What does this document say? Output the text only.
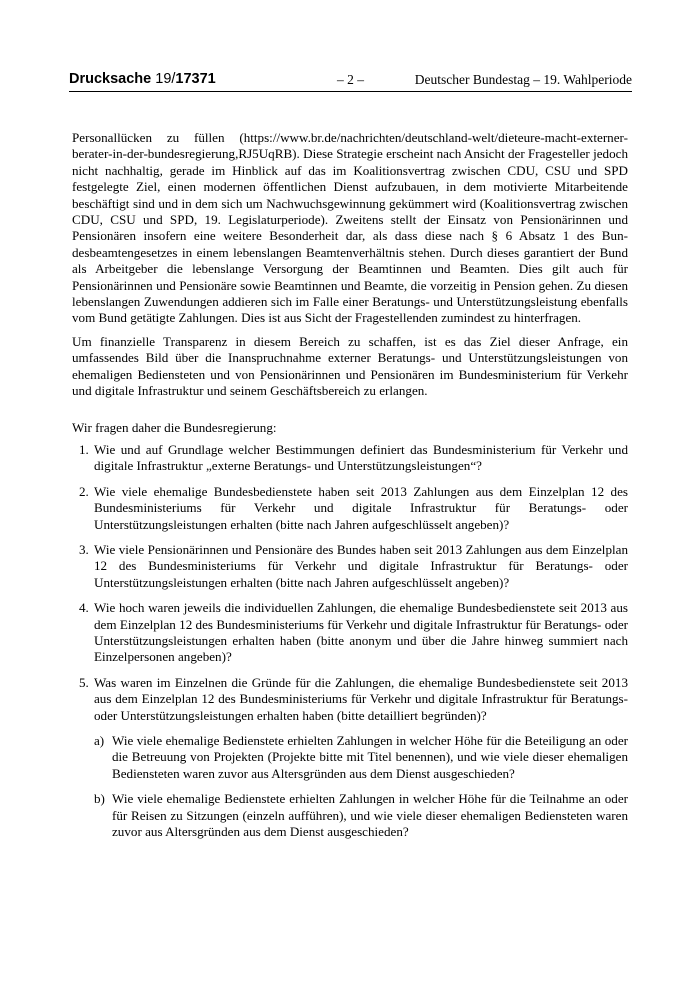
Drucksache 19/17371	– 2 –	Deutscher Bundestag – 19. Wahlperiode

Personallücken zu füllen (https://www.br.de/nachrichten/deutschland-welt/dieteure-macht-externer-berater-in-der-bundesregierung,RJ5UqRB). Diese Strategie erscheint nach Ansicht der Fragesteller jedoch nicht nachhaltig, gerade im Hinblick auf das im Koalitionsvertrag zwischen CDU, CSU und SPD festgelegte Ziel, einen modernen öffentlichen Dienst aufzubauen, in dem motivierte Mitarbeitende beschäftigt sind und in dem sich um Nachwuchsgewinnung gekümmert wird (Koalitionsvertrag zwischen CDU, CSU und SPD, 19. Legislaturperiode). Zweitens stellt der Einsatz von Pensionärinnen und Pensionären insofern eine weitere Besonderheit dar, als dass diese nach § 6 Absatz 1 des Bundesbeamtengesetzes in einem lebenslangen Beamtenverhältnis stehen. Durch dieses garantiert der Bund als Arbeitgeber die lebenslange Versorgung der Beamtinnen und Beamten. Dies gilt auch für Pensionärinnen und Pensionäre sowie Beamtinnen und Beamte, die vorzeitig in Pension gehen. Zu diesen lebenslangen Zuwendungen addieren sich im Falle einer Beratungs- und Unterstützungsleistung ebenfalls vom Bund getätigte Zahlungen. Dies ist aus Sicht der Fragestellenden zumindest zu hinterfragen.

Um finanzielle Transparenz in diesem Bereich zu schaffen, ist es das Ziel dieser Anfrage, ein umfassendes Bild über die Inanspruchnahme externer Beratungs- und Unterstützungsleistungen von ehemaligen Bediensteten und von Pensionärinnen und Pensionären im Bundesministerium für Verkehr und digitale Infrastruktur und seinem Geschäftsbereich zu erlangen.

Wir fragen daher die Bundesregierung:

1. Wie und auf Grundlage welcher Bestimmungen definiert das Bundesministerium für Verkehr und digitale Infrastruktur „externe Beratungs- und Unterstützungsleistungen“?
2. Wie viele ehemalige Bundesbedienstete haben seit 2013 Zahlungen aus dem Einzelplan 12 des Bundesministeriums für Verkehr und digitale Infrastruktur für Beratungs- oder Unterstützungsleistungen erhalten (bitte nach Jahren aufgeschlüsselt angeben)?
3. Wie viele Pensionärinnen und Pensionäre des Bundes haben seit 2013 Zahlungen aus dem Einzelplan 12 des Bundesministeriums für Verkehr und digitale Infrastruktur für Beratungs- oder Unterstützungsleistungen erhalten (bitte nach Jahren aufgeschlüsselt angeben)?
4. Wie hoch waren jeweils die individuellen Zahlungen, die ehemalige Bundesbedienstete seit 2013 aus dem Einzelplan 12 des Bundesministeriums für Verkehr und digitale Infrastruktur für Beratungs- oder Unterstützungsleistungen erhalten haben (bitte anonym und über die Jahre hinweg summiert nach Einzelpersonen angeben)?
5. Was waren im Einzelnen die Gründe für die Zahlungen, die ehemalige Bundesbedienstete seit 2013 aus dem Einzelplan 12 des Bundesministeriums für Verkehr und digitale Infrastruktur für Beratungs- oder Unterstützungsleistungen erhalten haben (bitte detailliert begründen)?
a) Wie viele ehemalige Bedienstete erhielten Zahlungen in welcher Höhe für die Beteiligung an oder die Betreuung von Projekten (Projekte bitte mit Titel benennen), und wie viele dieser ehemaligen Bediensteten waren zuvor aus Altersgründen aus dem Dienst ausgeschieden?
b) Wie viele ehemalige Bedienstete erhielten Zahlungen in welcher Höhe für die Teilnahme an oder für Reisen zu Sitzungen (einzeln aufführen), und wie viele dieser ehemaligen Bediensteten waren zuvor aus Altersgründen aus dem Dienst ausgeschieden?
